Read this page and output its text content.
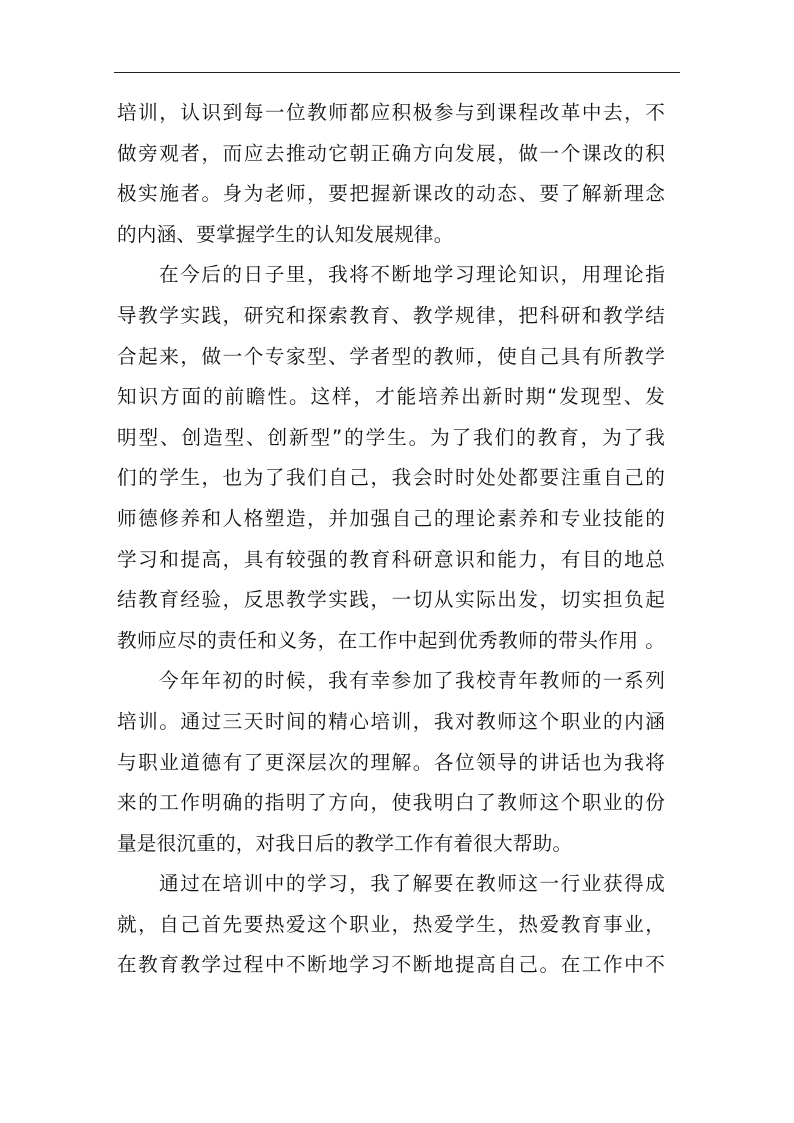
培训，认识到每一位教师都应积极参与到课程改革中去，不
做旁观者，而应去推动它朝正确方向发展，做一个课改的积
极实施者。身为老师，要把握新课改的动态、要了解新理念
的内涵、要掌握学生的认知发展规律。
在今后的日子里，我将不断地学习理论知识，用理论指
导教学实践，研究和探索教育、教学规律，把科研和教学结
合起来，做一个专家型、学者型的教师，使自己具有所教学
知识方面的前瞻性。这样，才能培养出新时期“发现型、发
明型、创造型、创新型”的学生。为了我们的教育，为了我
们的学生，也为了我们自己，我会时时处处都要注重自己的
师德修养和人格塑造，并加强自己的理论素养和专业技能的
学习和提高，具有较强的教育科研意识和能力，有目的地总
结教育经验，反思教学实践，一切从实际出发，切实担负起
教师应尽的责任和义务，在工作中起到优秀教师的带头作用 。
今年年初的时候，我有幸参加了我校青年教师的一系列
培训。通过三天时间的精心培训，我对教师这个职业的内涵
与职业道德有了更深层次的理解。各位领导的讲话也为我将
来的工作明确的指明了方向，使我明白了教师这个职业的份
量是很沉重的，对我日后的教学工作有着很大帮助。
通过在培训中的学习，我了解要在教师这一行业获得成
就，自己首先要热爱这个职业，热爱学生，热爱教育事业，
在教育教学过程中不断地学习不断地提高自己。在工作中不
